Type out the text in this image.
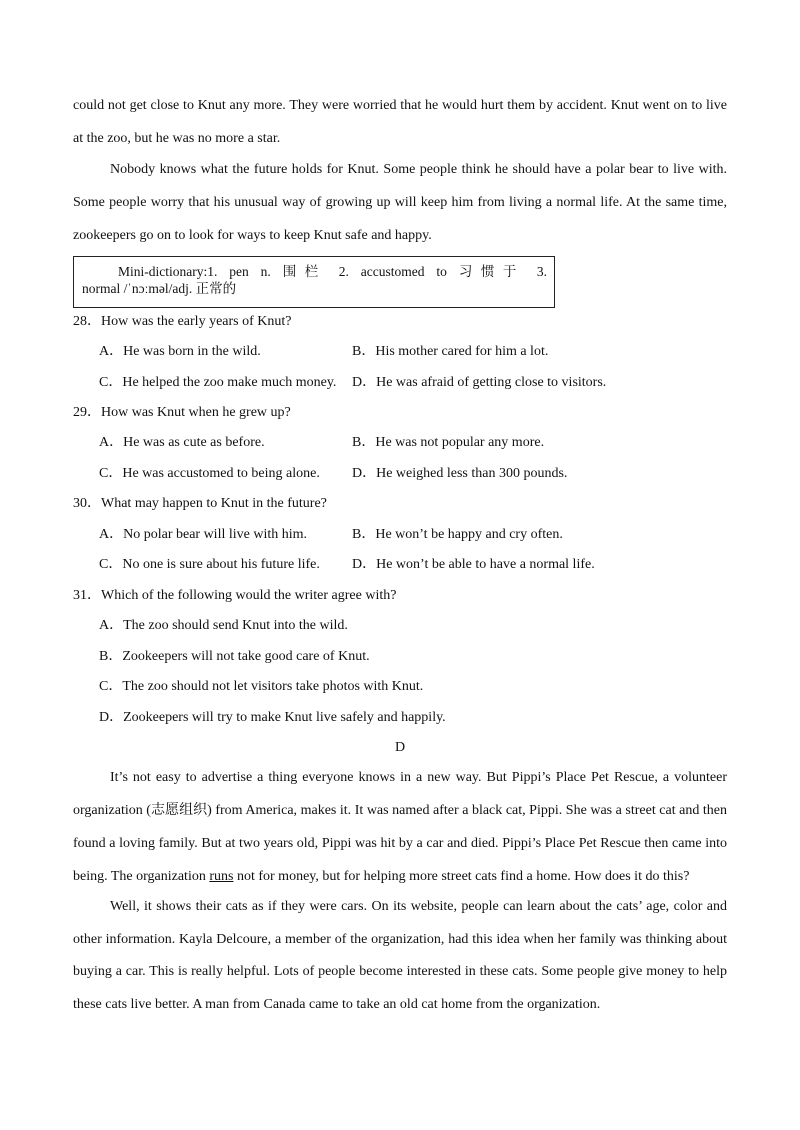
could not get close to Knut any more. They were worried that he would hurt them by accident. Knut went on to live
at the zoo, but he was no more a star.
Nobody knows what the future holds for Knut. Some people think he should have a polar bear to live with.
Some people worry that his unusual way of growing up will keep him from living a normal life. At the same time,
zookeepers go on to look for ways to keep Knut safe and happy.
Mini-dictionary:1. pen n. 围栏 2. accustomed to 习惯于 3.
normal /ˈnɔːməl/adj. 正常的
28．How was the early years of Knut?
A．He was born in the wild.	B．His mother cared for him a lot.
C．He helped the zoo make much money. D．He was afraid of getting close to visitors.
29．How was Knut when he grew up?
A．He was as cute as before.	B．He was not popular any more.
C．He was accustomed to being alone. D．He weighed less than 300 pounds.
30．What may happen to Knut in the future?
A．No polar bear will live with him.	B．He won’t be happy and cry often.
C．No one is sure about his future life. D．He won’t be able to have a normal life.
31．Which of the following would the writer agree with?
A．The zoo should send Knut into the wild.
B．Zookeepers will not take good care of Knut.
C．The zoo should not let visitors take photos with Knut.
D．Zookeepers will try to make Knut live safely and happily.
D
It’s not easy to advertise a thing everyone knows in a new way. But Pippi’s Place Pet Rescue, a volunteer
organization (志愿组织) from America, makes it. It was named after a black cat, Pippi. She was a street cat and then
found a loving family. But at two years old, Pippi was hit by a car and died. Pippi’s Place Pet Rescue then came into
being. The organization runs not for money, but for helping more street cats find a home. How does it do this?
Well, it shows their cats as if they were cars. On its website, people can learn about the cats’ age, color and
other information. Kayla Delcoure, a member of the organization, had this idea when her family was thinking about
buying a car. This is really helpful. Lots of people become interested in these cats. Some people give money to help
these cats live better. A man from Canada came to take an old cat home from the organization.
